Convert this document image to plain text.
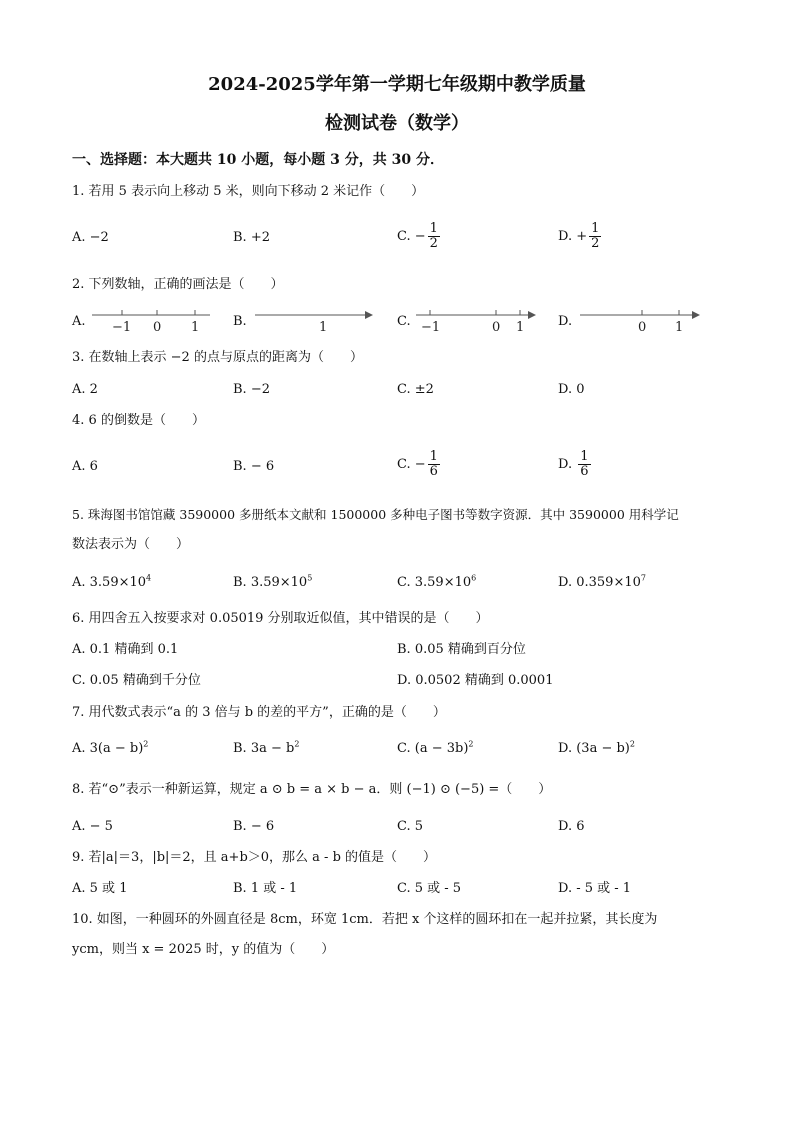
2024-2025学年第一学期七年级期中教学质量
检测试卷（数学）
一、选择题：本大题共 10 小题，每小题 3 分，共 30 分．
1. 若用 5 表示向上移动 5 米，则向下移动 2 米记作（　　）
A. −2	B. +2	C. − $\frac{1}{2}$	D. + $\frac{1}{2}$
2. 下列数轴，正确的画法是（　　）
A. −1 0 1	B.	1	C. −1	0 1	D.	0 1
3. 在数轴上表示 −2 的点与原点的距离为（　　）
A. 2	B. −2	C. ±2	D. 0
4. 6 的倒数是（　　）
A. 6	B. − 6	C. − $\frac{1}{6}$	D. $\frac{1}{6}$
5. 珠海图书馆馆藏 3590000 多册纸本文献和 1500000 多种电子图书等数字资源．其中 3590000 用科学记
数法表示为（　　）
A. $3.59\times 10^4$	B. $3.59\times 10^5$	C. $3.59\times 10^6$	D. $0.359\times 10^7$
6. 用四舍五入按要求对 0.05019 分别取近似值，其中错误的是（　　）
A. 0.1 精确到 0.1	B. 0.05 精确到百分位
C. 0.05 精确到千分位	D. 0.0502 精确到 0.0001
7. 用代数式表示“a 的 3 倍与 b 的差的平方”，正确的是（　　）
A. $3(a - b)^2$	B. $3a - b^2$	C. $(a - 3b)^2$	D. $(3a - b)^2$
8. 若“⊙”表示一种新运算，规定 a ⊙ b = a × b − a．则 (−1) ⊙ (−5) =（　　）
A. − 5	B. − 6	C. 5	D. 6
9. 若|a|＝3，|b|＝2，且 a+b＞0，那么 a - b 的值是（　　）
A. 5 或 1	B. 1 或 - 1	C. 5 或 - 5	D. - 5 或 - 1
10. 如图，一种圆环的外圆直径是 8cm，环宽 1cm．若把 x 个这样的圆环扣在一起并拉紧，其长度为
ycm，则当 x = 2025 时，y 的值为（　　）
